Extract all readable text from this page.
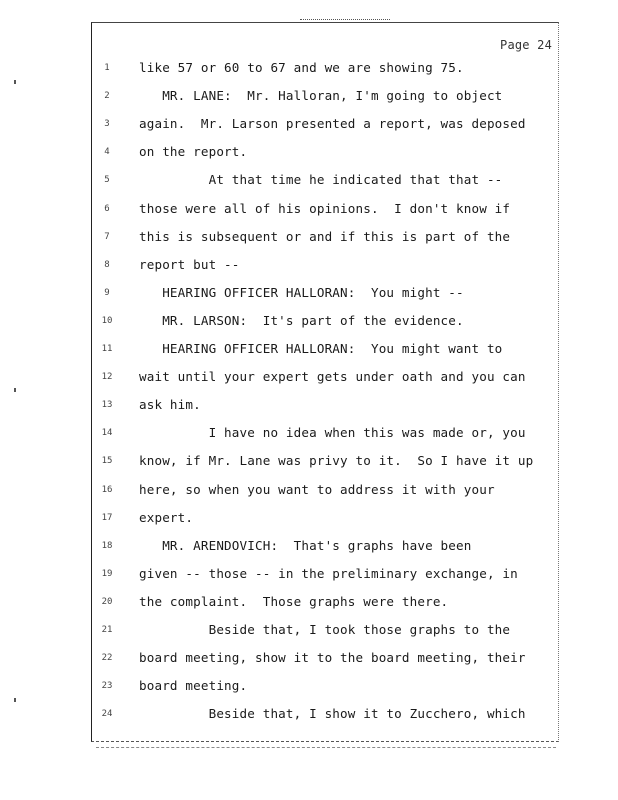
Page 24
1	like 57 or 60 to 67 and we are showing 75.
2	MR. LANE:  Mr. Halloran, I'm going to object
3	again.  Mr. Larson presented a report, was deposed
4	on the report.
5	At that time he indicated that that --
6	those were all of his opinions.  I don't know if
7	this is subsequent or and if this is part of the
8	report but --
9	HEARING OFFICER HALLORAN:  You might --
10	MR. LARSON:  It's part of the evidence.
11	HEARING OFFICER HALLORAN:  You might want to
12	wait until your expert gets under oath and you can
13	ask him.
14	I have no idea when this was made or, you
15	know, if Mr. Lane was privy to it.  So I have it up
16	here, so when you want to address it with your
17	expert.
18	MR. ARENDOVICH:  That's graphs have been
19	given -- those -- in the preliminary exchange, in
20	the complaint.  Those graphs were there.
21	Beside that, I took those graphs to the
22	board meeting, show it to the board meeting, their
23	board meeting.
24	Beside that, I show it to Zucchero, which
